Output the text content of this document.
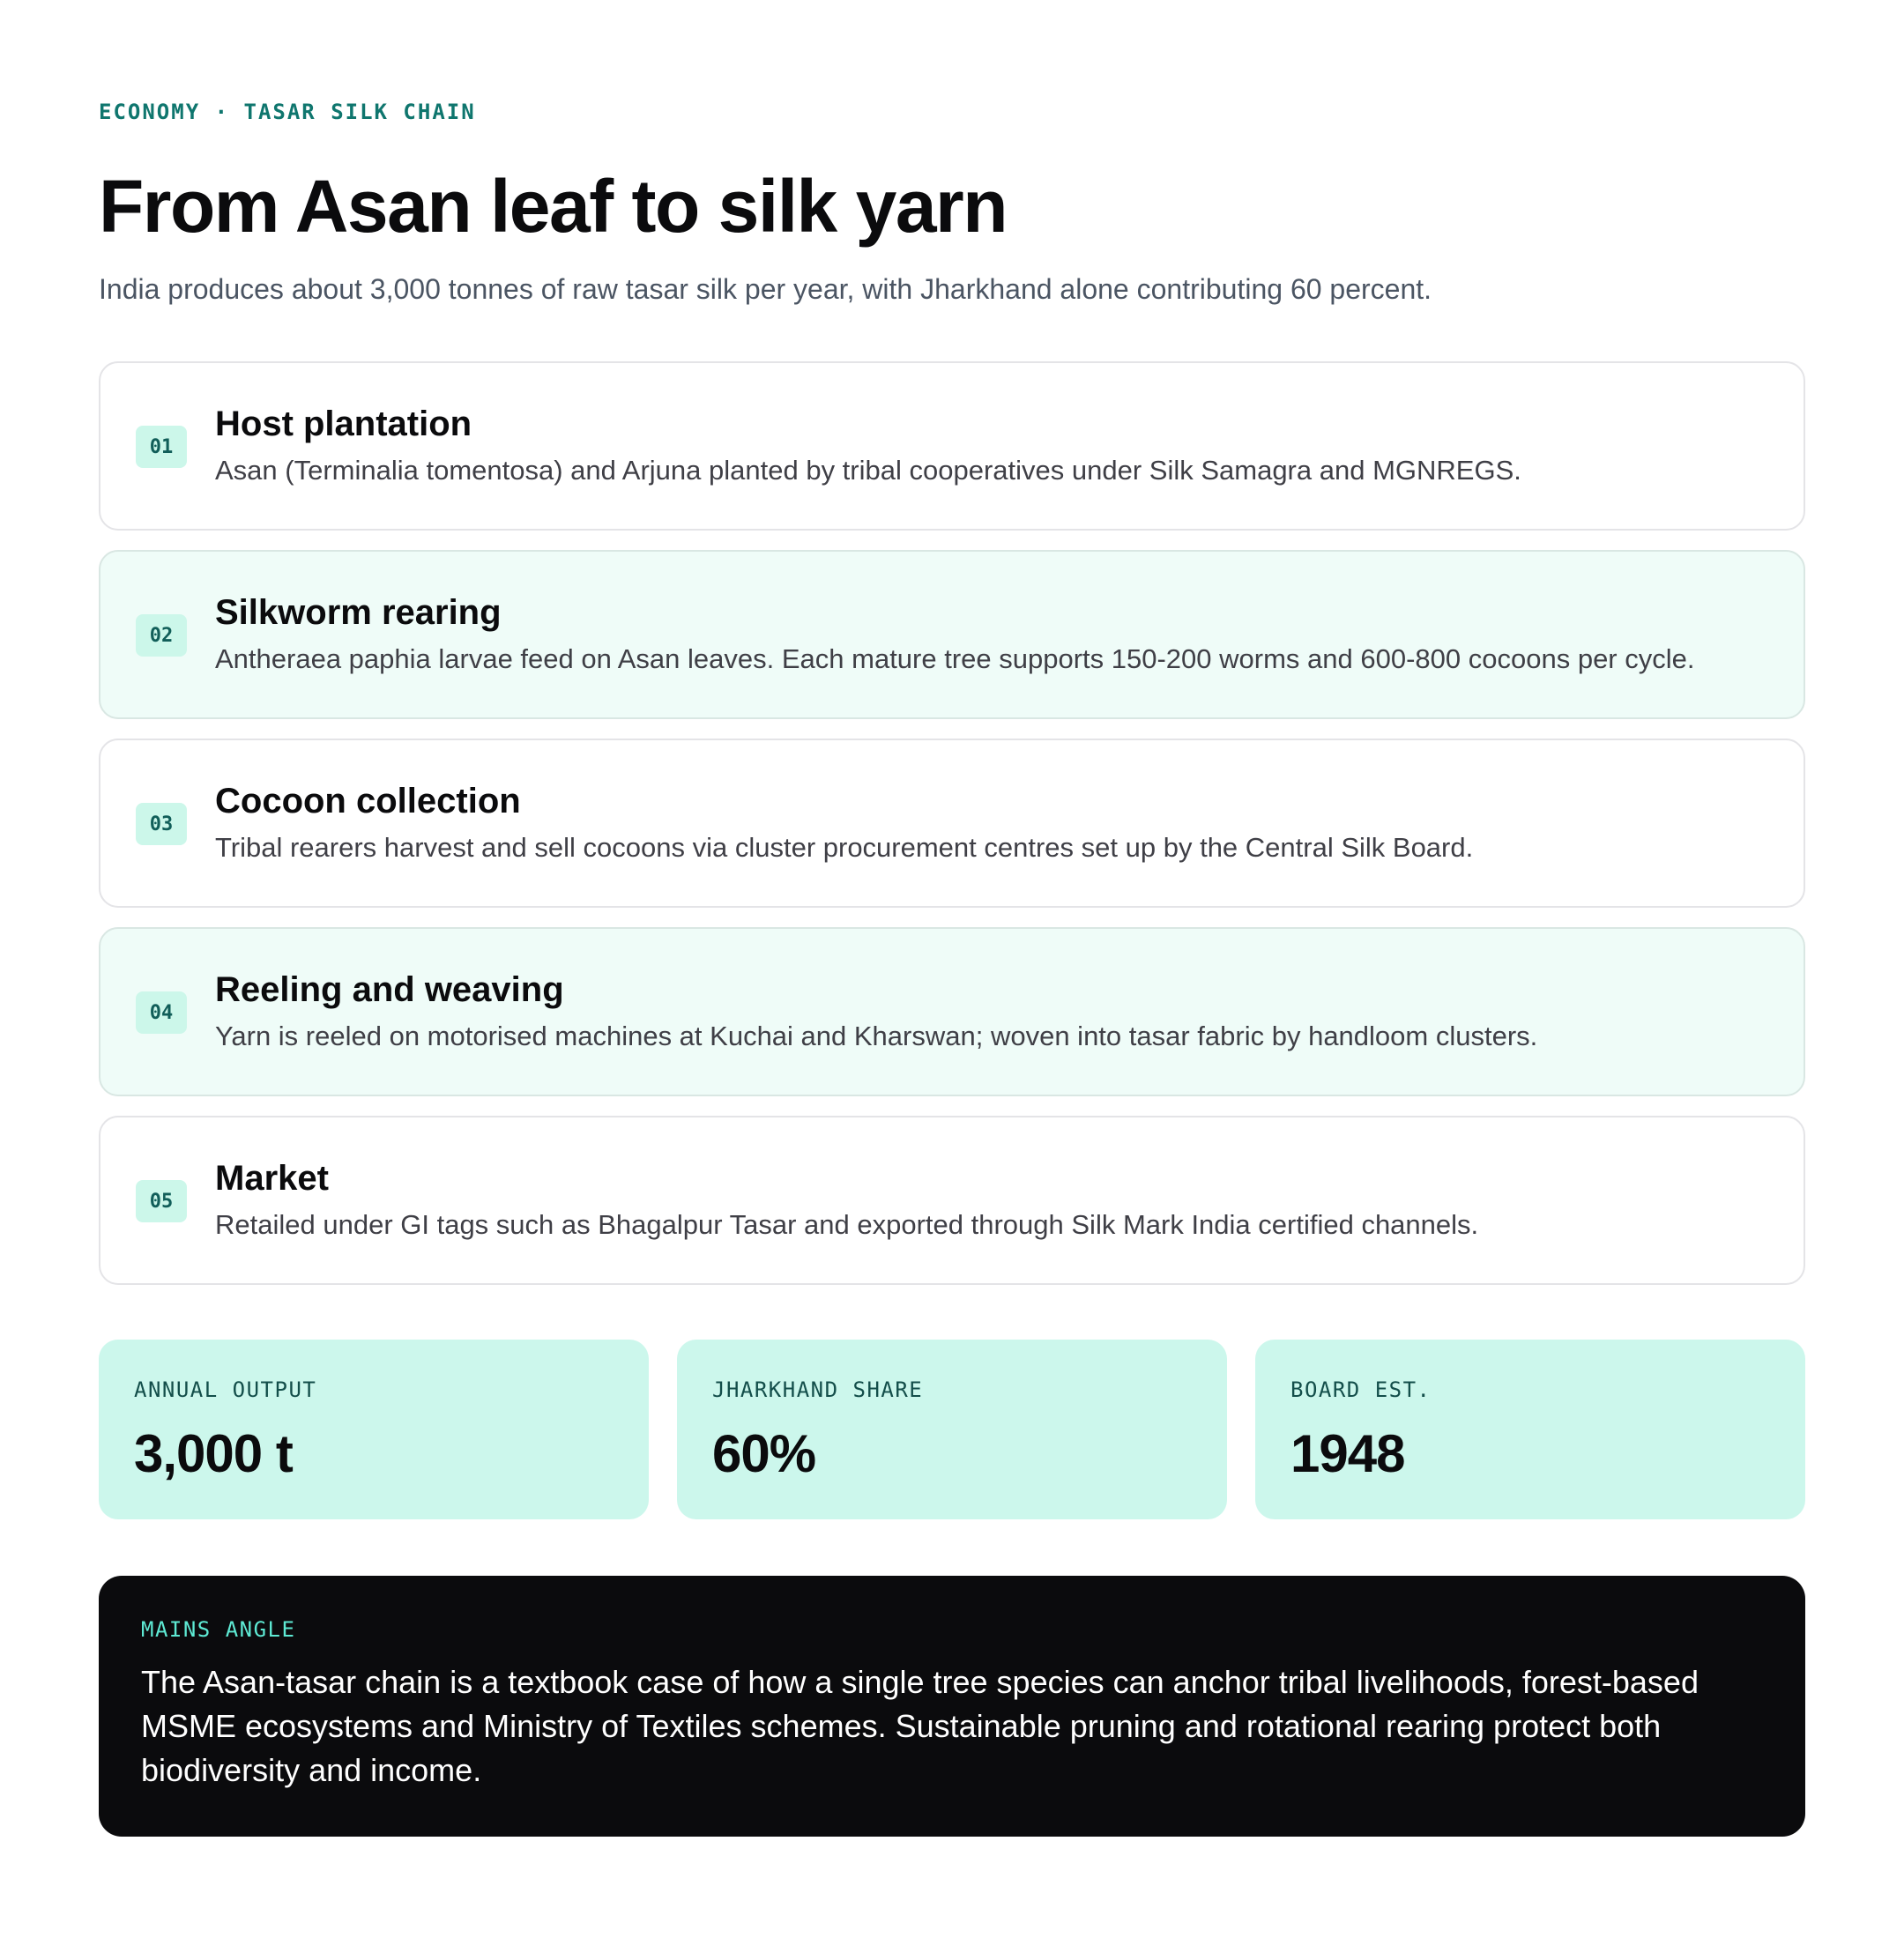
ECONOMY · TASAR SILK CHAIN

From Asan leaf to silk yarn

India produces about 3,000 tonnes of raw tasar silk per year, with Jharkhand alone contributing 60 percent.

01

Host plantation

Asan (Terminalia tomentosa) and Arjuna planted by tribal cooperatives under Silk Samagra and MGNREGS.

02

Silkworm rearing

Antheraea paphia larvae feed on Asan leaves. Each mature tree supports 150-200 worms and 600-800 cocoons per cycle.

03

Cocoon collection

Tribal rearers harvest and sell cocoons via cluster procurement centres set up by the Central Silk Board.

04

Reeling and weaving

Yarn is reeled on motorised machines at Kuchai and Kharswan; woven into tasar fabric by handloom clusters.

05

Market

Retailed under GI tags such as Bhagalpur Tasar and exported through Silk Mark India certified channels.

ANNUAL OUTPUT
3,000 t
JHARKHAND SHARE
60%
BOARD EST.
1948
MAINS ANGLE
The Asan-tasar chain is a textbook case of how a single tree species can anchor tribal livelihoods, forest-based MSME ecosystems and Ministry of Textiles schemes. Sustainable pruning and rotational rearing protect both biodiversity and income.
